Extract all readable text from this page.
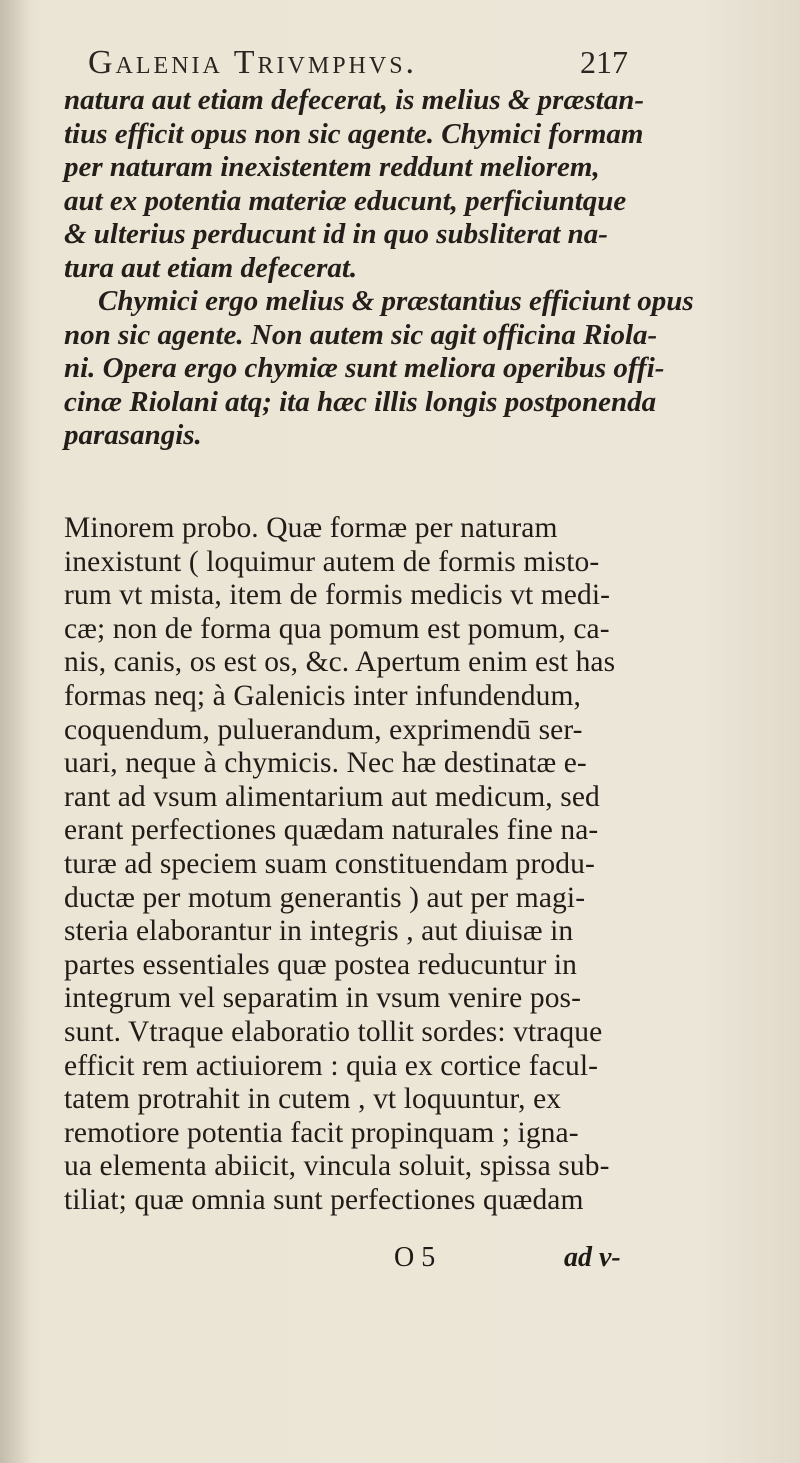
Galenia Trivmphvs.	217
natura aut etiam defecerat, is melius & præstan-
tius efficit opus non sic agente. Chymici formam
per naturam inexistentem reddunt meliorem,
aut ex potentia materiæ educunt, perficiuntque
& ulterius perducunt id in quo subsliterat na-
tura aut etiam defecerat.
Chymici ergo melius & præstantius efficiunt opus
non sic agente. Non autem sic agit officina Riola-
ni. Opera ergo chymiæ sunt meliora operibus offi-
cinæ Riolani atq; ita hæc illis longis postponenda
parasangis.
Minorem probo. Quæ formæ per naturam
inexistunt ( loquimur autem de formis misto-
rum vt mista, item de formis medicis vt medi-
cæ; non de forma qua pomum est pomum, ca-
nis, canis, os est os, &c. Apertum enim est has
formas neq; à Galenicis inter infundendum,
coquendum, puluerandum, exprimendū ser-
uari, neque à chymicis. Nec hæ destinatæ e-
rant ad vsum alimentarium aut medicum, sed
erant perfectiones quædam naturales fine na-
turæ ad speciem suam constituendam produ-
ductæ per motum generantis ) aut per magi-
steria elaborantur in integris , aut diuisæ in
partes essentiales quæ postea reducuntur in
integrum vel separatim in vsum venire pos-
sunt. Vtraque elaboratio tollit sordes: vtraque
efficit rem actiuiorem : quia ex cortice facul-
tatem protrahit in cutem , vt loquuntur, ex
remotiore potentia facit propinquam ; igna-
ua elementa abiicit, vincula soluit, spissa sub-
tiliat; quæ omnia sunt perfectiones quædam
O 5	ad v-
